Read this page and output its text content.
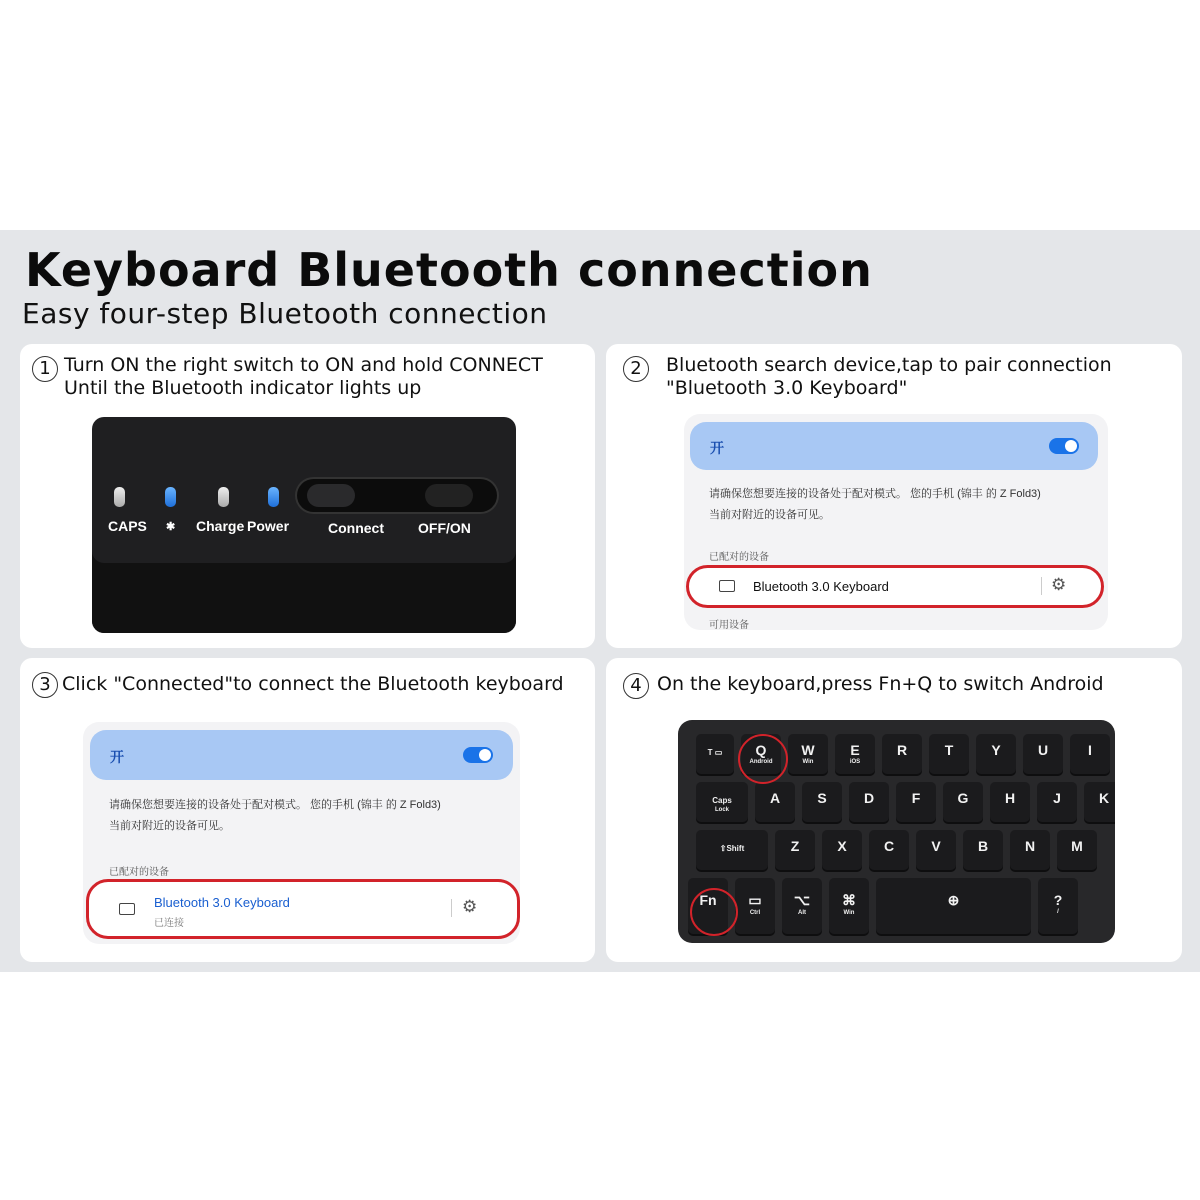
Keyboard Bluetooth connection
Easy four-step Bluetooth connection
1 Turn ON the right switch to ON and hold CONNECT
Until the Bluetooth indicator lights up
CAPS ✱ Charge Power	Connect OFF/ON
2	Bluetooth search device,tap to pair connection
"Bluetooth 3.0 Keyboard"
开
请确保您想要连接的设备处于配对模式。 您的手机 (锦丰 的 Z Fold3)
当前对附近的设备可见。
已配对的设备
Bluetooth 3.0 Keyboard	⚙
可用设备
3 Click "Connected"to connect the Bluetooth keyboard
开
请确保您想要连接的设备处于配对模式。 您的手机 (锦丰 的 Z Fold3)
当前对附近的设备可见。
已配对的设备
Bluetooth 3.0 Keyboard
已连接
⚙
4 On the keyboard,press Fn+Q to switch Android
T ▭	Q
Android
W
Win
E
iOS
R	T	Y	U	I
Caps
Lock
A	S	D	F	G	H	J	K
⇧Shift	Z	X	C	V	B	N	M
Fn	▭
Ctrl
⌥
Alt
⌘
Win
⊕	?
/
